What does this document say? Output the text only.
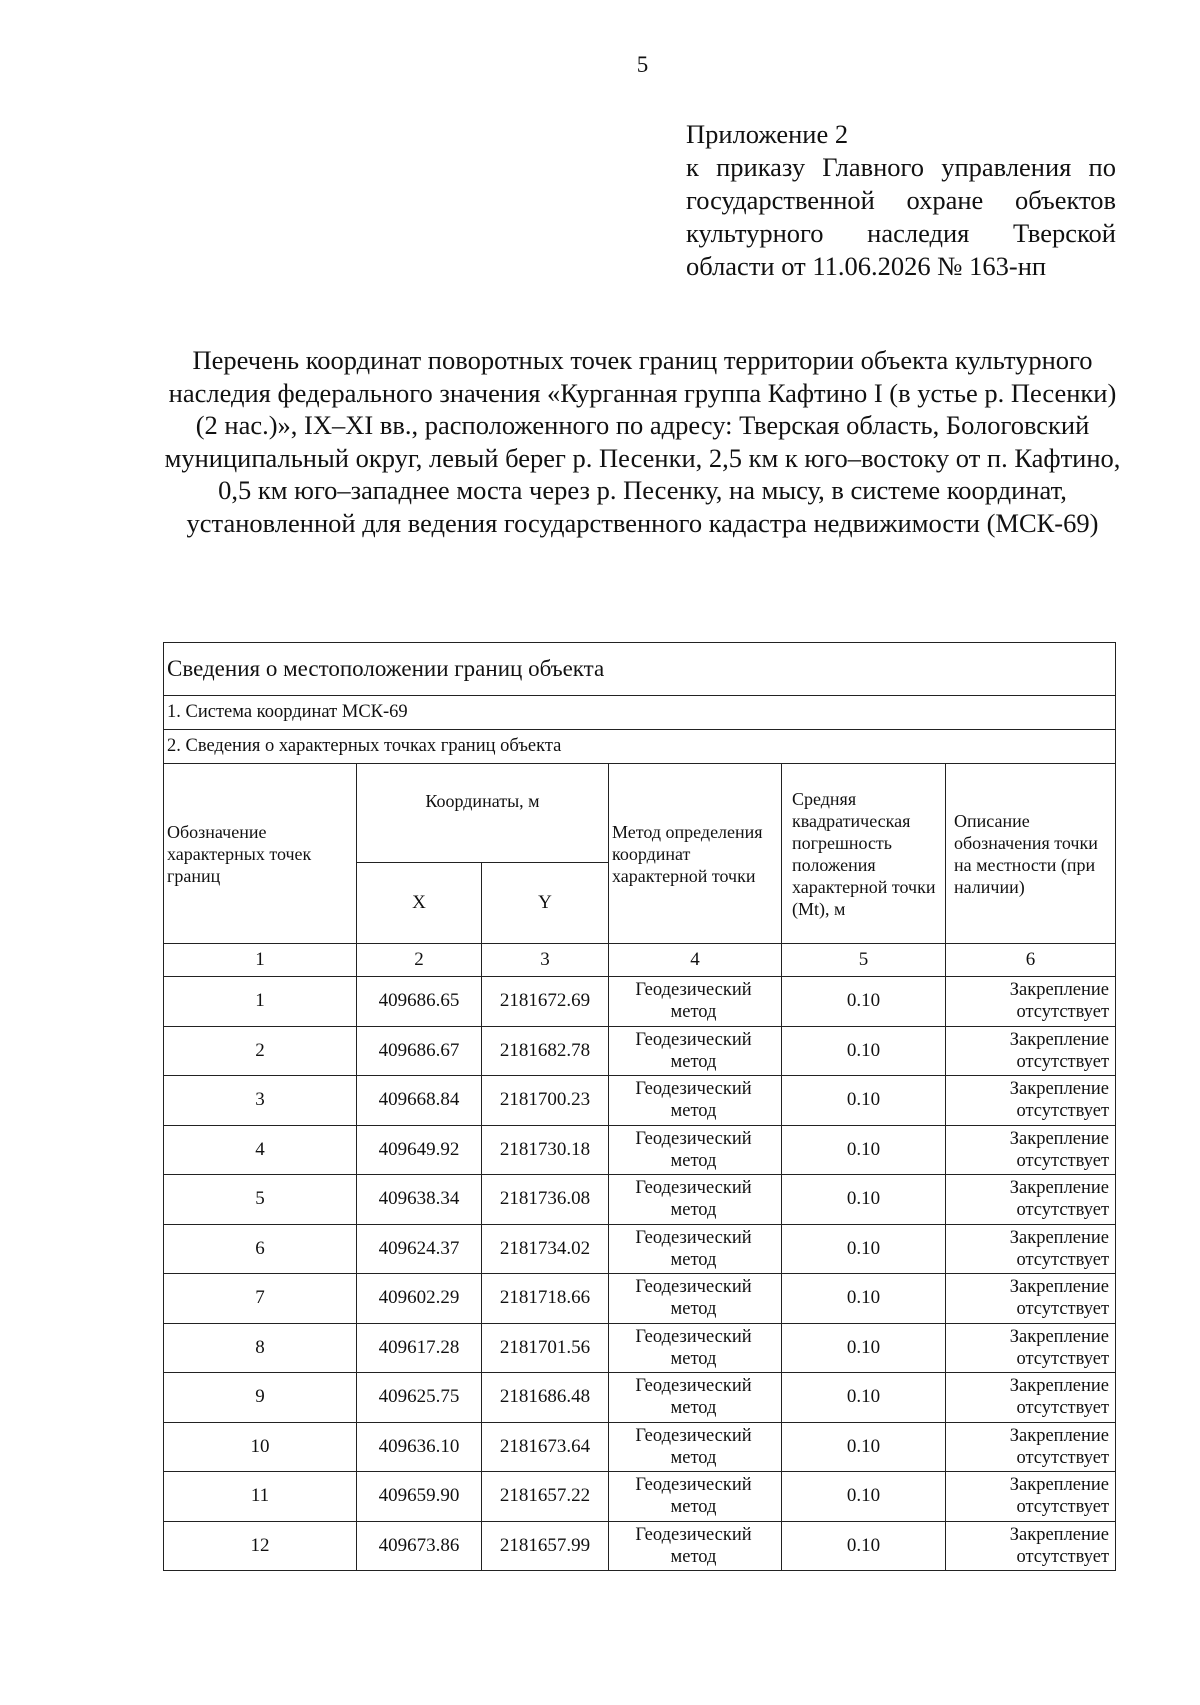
5
Приложение 2
к приказу Главного управления по государственной охране объектов культурного наследия Тверской области от 11.06.2026 № 163-нп
Перечень координат поворотных точек границ территории объекта культурного наследия федерального значения «Курганная группа Кафтино I (в устье р. Песенки) (2 нас.)», IX–XI вв., расположенного по адресу: Тверская область, Бологовский муниципальный округ, левый берег р. Песенки, 2,5 км к юго–востоку от п. Кафтино, 0,5 км юго–западнее моста через р. Песенку, на мысу, в системе координат, установленной для ведения государственного кадастра недвижимости (МСК-69)
Сведения о местоположении границ объекта					
1. Система координат МСК-69					
2. Сведения о характерных точках границ объекта					
Обозначение характерных точек границ	Координаты, м		Метод определения координат характерной точки	Средняя квадратическая погрешность положения характерной точки (Mt), м	Описание обозначения точки на местности (при наличии)
	X	Y			
1	2	3	4	5	6
1	409686.65	2181672.69	Геодезический метод	0.10	Закрепление отсутствует
2	409686.67	2181682.78	Геодезический метод	0.10	Закрепление отсутствует
3	409668.84	2181700.23	Геодезический метод	0.10	Закрепление отсутствует
4	409649.92	2181730.18	Геодезический метод	0.10	Закрепление отсутствует
5	409638.34	2181736.08	Геодезический метод	0.10	Закрепление отсутствует
6	409624.37	2181734.02	Геодезический метод	0.10	Закрепление отсутствует
7	409602.29	2181718.66	Геодезический метод	0.10	Закрепление отсутствует
8	409617.28	2181701.56	Геодезический метод	0.10	Закрепление отсутствует
9	409625.75	2181686.48	Геодезический метод	0.10	Закрепление отсутствует
10	409636.10	2181673.64	Геодезический метод	0.10	Закрепление отсутствует
11	409659.90	2181657.22	Геодезический метод	0.10	Закрепление отсутствует
12	409673.86	2181657.99	Геодезический метод	0.10	Закрепление отсутствует
